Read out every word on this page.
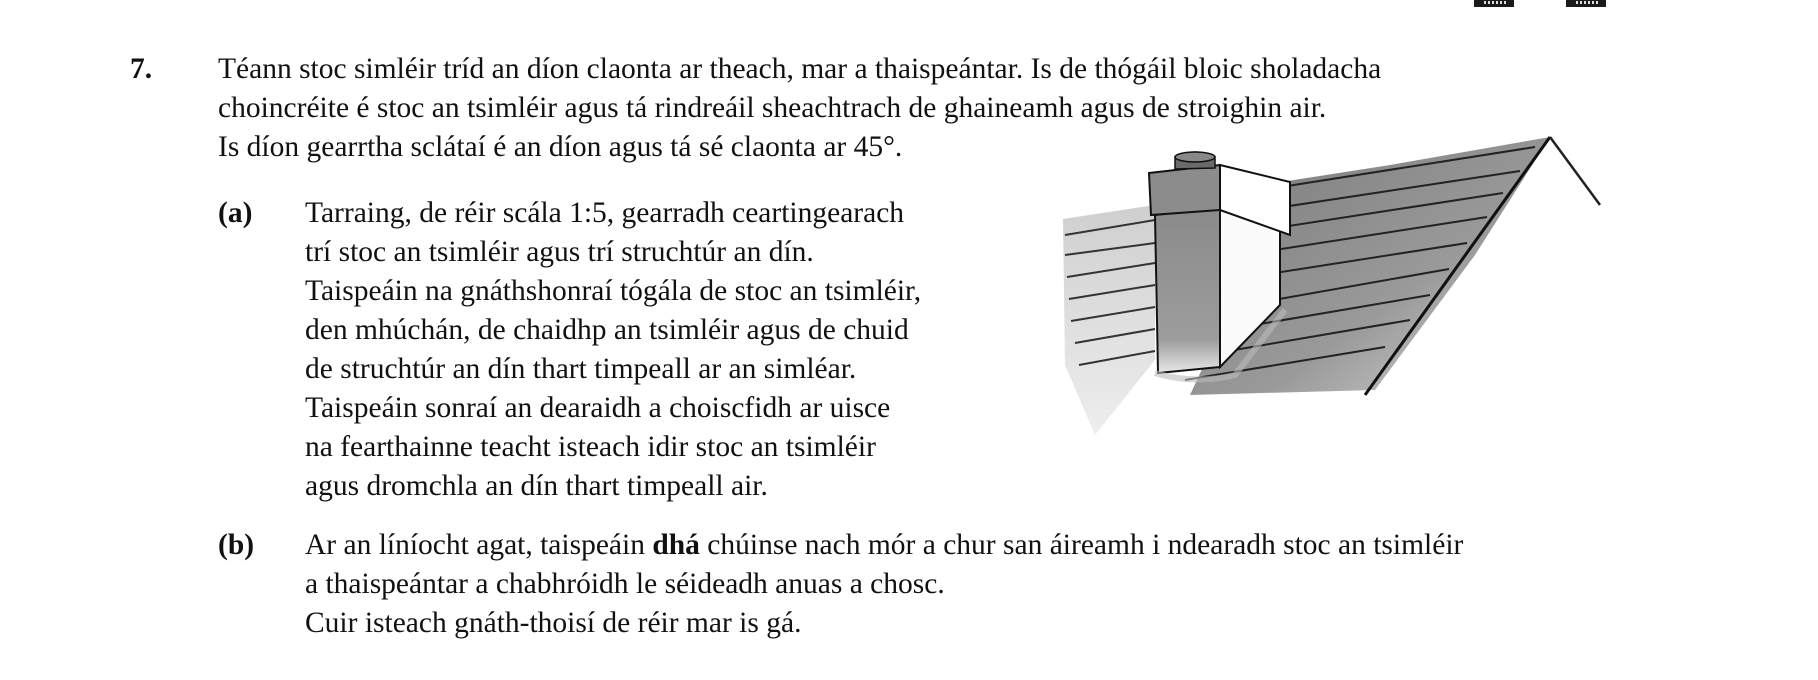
7. Téann stoc simléir tríd an díon claonta ar theach, mar a thaispeántar. Is de thógáil bloic sholadacha
choincréite é stoc an tsimléir agus tá rindreáil sheachtrach de ghaineamh agus de stroighin air.
Is díon gearrtha sclátaí é an díon agus tá sé claonta ar 45°.
(a) Tarraing, de réir scála 1:5, gearradh ceartingearach
trí stoc an tsimléir agus trí struchtúr an dín.
Taispeáin na gnáthshonraí tógála de stoc an tsimléir,
den mhúchán, de chaidhp an tsimléir agus de chuid
de struchtúr an dín thart timpeall ar an simléar.
Taispeáin sonraí an dearaidh a choiscfidh ar uisce
na fearthainne teacht isteach idir stoc an tsimléir
agus dromchla an dín thart timpeall air.
(b) Ar an líníocht agat, taispeáin dhá chúinse nach mór a chur san áireamh i ndearadh stoc an tsimléir
a thaispeántar a chabhróidh le séideadh anuas a chosc.
Cuir isteach gnáth-thoisí de réir mar is gá.
